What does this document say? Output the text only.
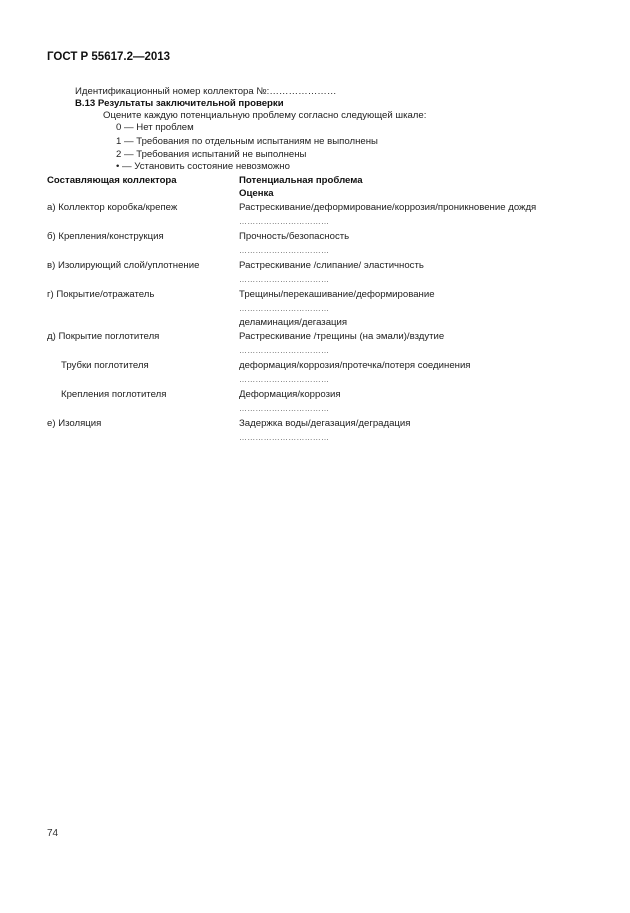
ГОСТ Р 55617.2—2013
Идентификационный номер коллектора №:…………………
В.13 Результаты заключительной проверки
Оцените каждую потенциальную проблему согласно следующей шкале:
0 — Нет проблем
1 — Требования по отдельным испытаниям не выполнены
2 — Требования испытаний не выполнены
• — Установить состояние невозможно
Составляющая коллектора	Потенциальная проблема
Оценка
а) Коллектор коробка/крепеж	Растрескивание/деформирование/коррозия/проникновение дождя
……………………………
б) Крепления/конструкция	Прочность/безопасность
……………………………
в) Изолирующий слой/уплотнение	Растрескивание /слипание/ эластичность
……………………………
г) Покрытие/отражатель	Трещины/перекашивание/деформирование
……………………………
деламинация/дегазация
д) Покрытие поглотителя	Растрескивание /трещины (на эмали)/вздутие
……………………………
Трубки поглотителя	деформация/коррозия/протечка/потеря соединения
……………………………
Крепления поглотителя	Деформация/коррозия
……………………………
е) Изоляция	Задержка воды/дегазация/деградация
……………………………
74
